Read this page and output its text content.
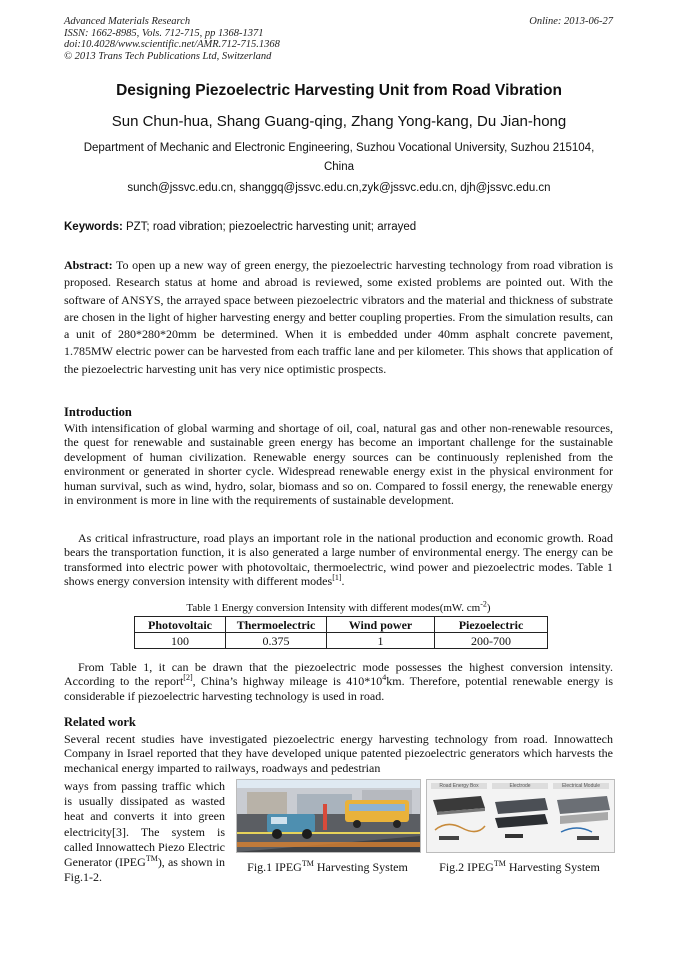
Advanced Materials Research
ISSN: 1662-8985, Vols. 712-715, pp 1368-1371
doi:10.4028/www.scientific.net/AMR.712-715.1368
© 2013 Trans Tech Publications Ltd, Switzerland
Online: 2013-06-27
Designing Piezoelectric Harvesting Unit from Road Vibration
Sun Chun-hua, Shang Guang-qing, Zhang Yong-kang, Du Jian-hong
Department of Mechanic and Electronic Engineering, Suzhou Vocational University, Suzhou 215104, China
sunch@jssvc.edu.cn, shanggq@jssvc.edu.cn,zyk@jssvc.edu.cn, djh@jssvc.edu.cn
Keywords: PZT; road vibration; piezoelectric harvesting unit; arrayed
Abstract: To open up a new way of green energy, the piezoelectric harvesting technology from road vibration is proposed. Research status at home and abroad is reviewed, some existed problems are pointed out. With the software of ANSYS, the arrayed space between piezoelectric vibrators and the material and thickness of substrate are chosen in the light of higher harvesting energy and better coupling properties. From the simulation results, can a unit of 280*280*20mm be determined. When it is embedded under 40mm asphalt concrete pavement, 1.785MW electric power can be harvested from each traffic lane and per kilometer. This shows that application of the piezoelectric harvesting unit has very nice optimistic prospects.
Introduction
With intensification of global warming and shortage of oil, coal, natural gas and other non-renewable resources, the quest for renewable and sustainable green energy has become an important challenge for the sustainable development of human civilization. Renewable energy sources can be continuously replenished from the environment or generated in shorter cycle. Widespread renewable energy exist in the physical environment for human survival, such as wind, hydro, solar, biomass and so on. Compared to fossil energy, the renewable energy in environment is more in line with the requirements of sustainable development.
As critical infrastructure, road plays an important role in the national production and economic growth. Road bears the transportation function, it is also generated a large number of environmental energy. The energy can be transformed into electric power with photovoltaic, thermoelectric, wind power and piezoelectric modes. Table 1 shows energy conversion intensity with different modes[1].
Table 1 Energy conversion Intensity with different modes(mW. $cm^{-2}$)
Photovoltaic	Thermoelectric	Wind power	Piezoelectric
100	0.375	1	200-700
From Table 1, it can be drawn that the piezoelectric mode possesses the highest conversion intensity. According to the report[2], China’s highway mileage is $410*10^4km$. Therefore, potential renewable energy is considerable if piezoelectric harvesting technology is used in road.
Related work
Several recent studies have investigated piezoelectric energy harvesting technology from road. Innowattech Company in Israel reported that they have developed unique patented piezoelectric generators which harvests the mechanical energy imparted to railways, roadways and pedestrian
ways from passing traffic which is usually dissipated as wasted heat and converts it into green electricity[3]. The system is called Innowattech Piezo Electric Generator (IPEG™), as shown in Fig.1-2.
Fig.1 IPEG™ Harvesting System
Road Energy Box	Electrode	Electrical Module
Fig.2 IPEG™ Harvesting System
